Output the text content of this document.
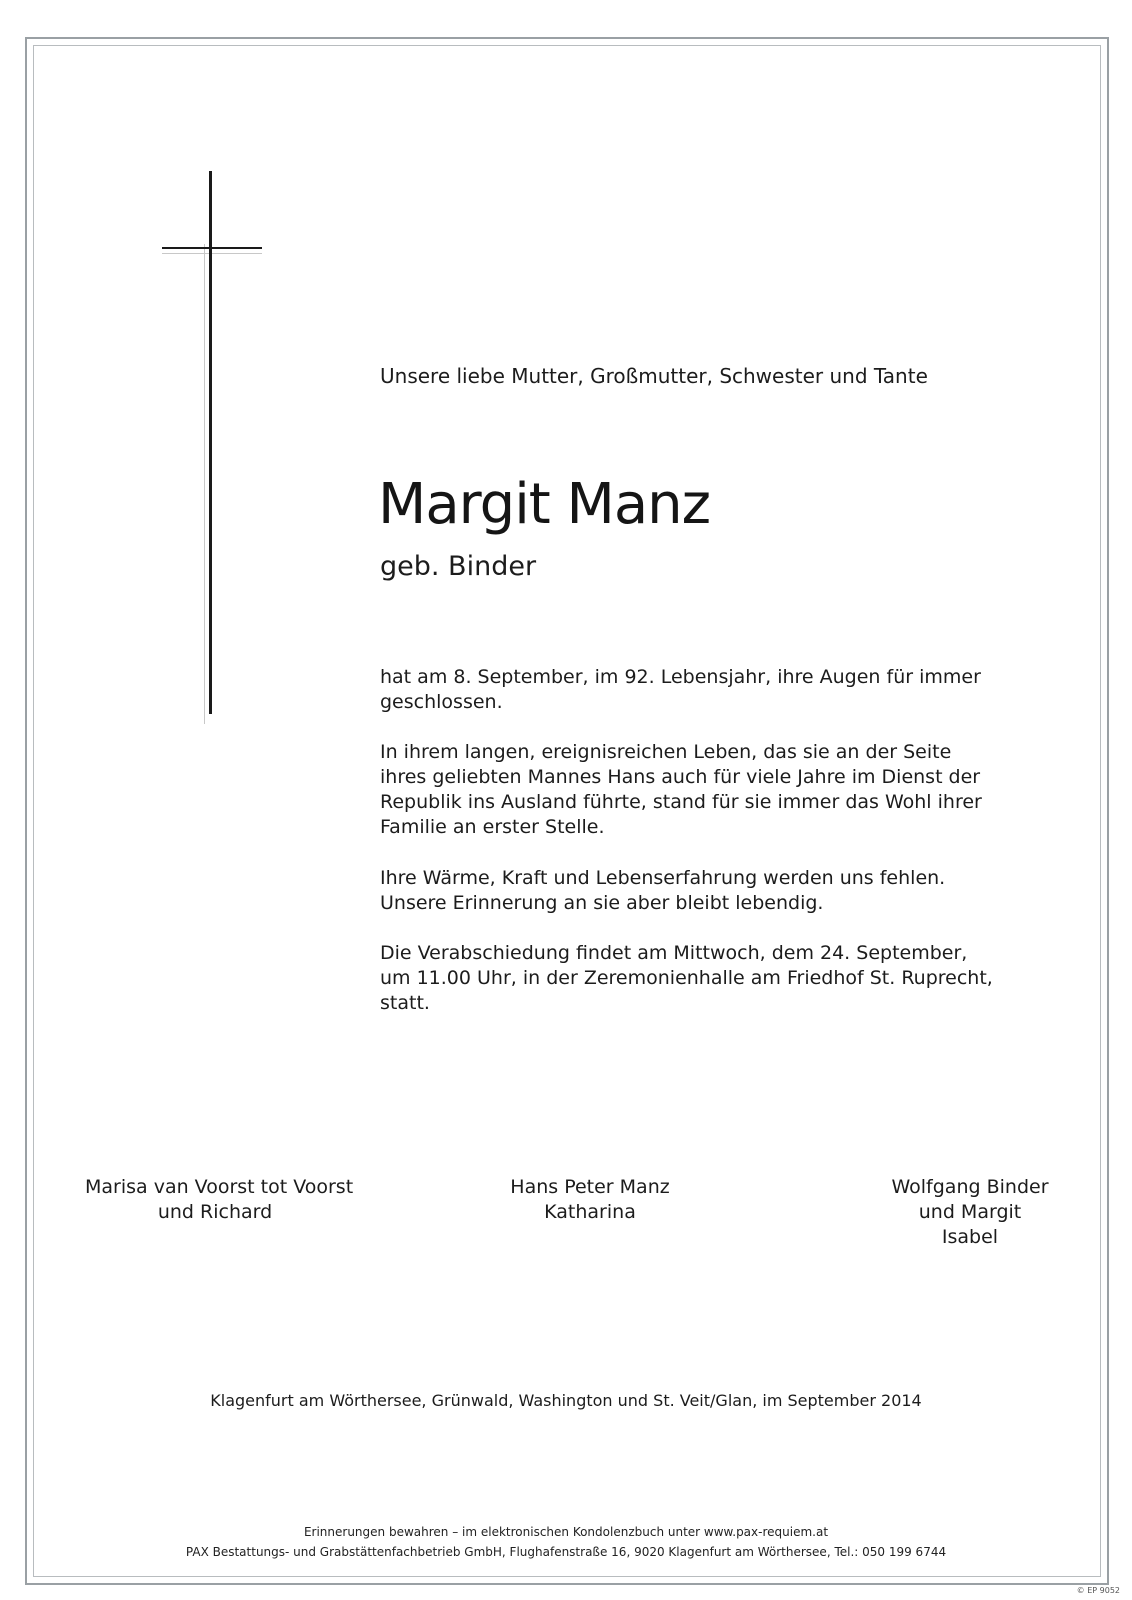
Unsere liebe Mutter, Großmutter, Schwester und Tante
Margit Manz
geb. Binder
hat am 8. September, im 92. Lebensjahr, ihre Augen für immer geschlossen.
In ihrem langen, ereignisreichen Leben, das sie an der Seite ihres geliebten Mannes Hans auch für viele Jahre im Dienst der Republik ins Ausland führte, stand für sie immer das Wohl ihrer Familie an erster Stelle.
Ihre Wärme, Kraft und Lebenserfahrung werden uns fehlen. Unsere Erinnerung an sie aber bleibt lebendig.
Die Verabschiedung findet am Mittwoch, dem 24. September, um 11.00 Uhr, in der Zeremonienhalle am Friedhof St. Ruprecht, statt.
Marisa van Voorst tot Voorst
und Richard
Hans Peter Manz
Katharina
Wolfgang Binder
und Margit
Isabel
Klagenfurt am Wörthersee, Grünwald, Washington und St. Veit/Glan, im September 2014
Erinnerungen bewahren – im elektronischen Kondolenzbuch unter www.pax-requiem.at
PAX Bestattungs- und Grabstättenfachbetrieb GmbH, Flughafenstraße 16, 9020 Klagenfurt am Wörthersee, Tel.: 050 199 6744
© EP 9052
